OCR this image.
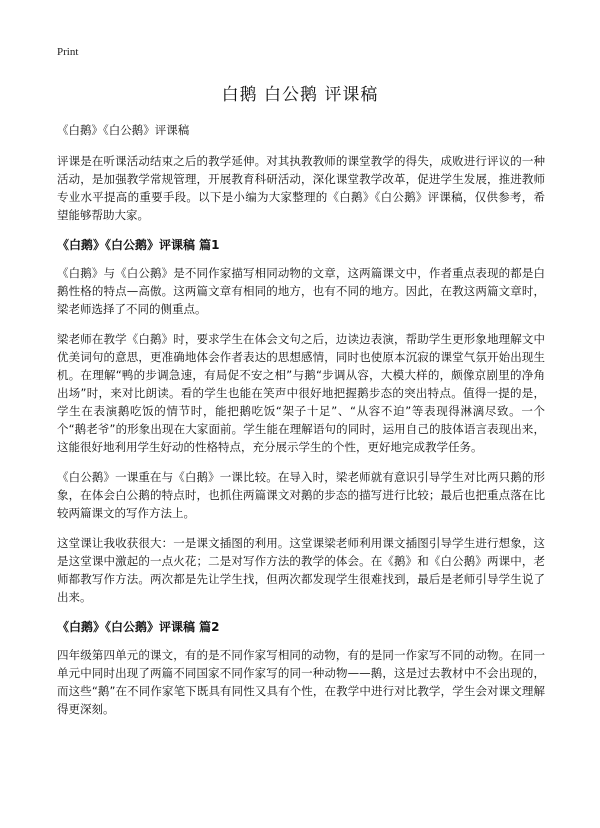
Print
白鹅 白公鹅 评课稿

《白鹅》《白公鹅》评课稿

评课是在听课活动结束之后的教学延伸。对其执教教师的课堂教学的得失，成败进行评议的一种活动，是加强教学常规管理，开展教育科研活动，深化课堂教学改革，促进学生发展，推进教师专业水平提高的重要手段。以下是小编为大家整理的《白鹅》《白公鹅》评课稿，仅供参考，希望能够帮助大家。

《白鹅》《白公鹅》评课稿 篇1

《白鹅》与《白公鹅》是不同作家描写相同动物的文章，这两篇课文中，作者重点表现的都是白鹅性格的特点—高傲。这两篇文章有相同的地方，也有不同的地方。因此，在教这两篇文章时，梁老师选择了不同的侧重点。

梁老师在教学《白鹅》时，要求学生在体会文句之后，边读边表演，帮助学生更形象地理解文中优美词句的意思，更准确地体会作者表达的思想感情，同时也使原本沉寂的课堂气氛开始出现生机。在理解“鸭的步调急速，有局促不安之相”与鹅“步调从容，大模大样的，颇像京剧里的净角出场”时，来对比朗读。看的学生也能在笑声中很好地把握鹅步态的突出特点。值得一提的是，学生在表演鹅吃饭的情节时，能把鹅吃饭“架子十足”、“从容不迫”等表现得淋漓尽致。一个个“鹅老爷”的形象出现在大家面前。学生能在理解语句的同时，运用自己的肢体语言表现出来，这能很好地利用学生好动的性格特点，充分展示学生的个性，更好地完成教学任务。

《白公鹅》一课重在与《白鹅》一课比较。在导入时，梁老师就有意识引导学生对比两只鹅的形象，在体会白公鹅的特点时，也抓住两篇课文对鹅的步态的描写进行比较；最后也把重点落在比较两篇课文的写作方法上。

这堂课让我收获很大：一是课文插图的利用。这堂课梁老师利用课文插图引导学生进行想象，这是这堂课中激起的一点火花；二是对写作方法的教学的体会。在《鹅》和《白公鹅》两课中，老师都教写作方法。两次都是先让学生找，但两次都发现学生很难找到，最后是老师引导学生说了出来。

《白鹅》《白公鹅》评课稿 篇2

四年级第四单元的课文，有的是不同作家写相同的动物，有的是同一作家写不同的动物。在同一单元中同时出现了两篇不同国家不同作家写的同一种动物——鹅，这是过去教材中不会出现的，而这些“鹅”在不同作家笔下既具有同性又具有个性，在教学中进行对比教学，学生会对课文理解得更深刻。
